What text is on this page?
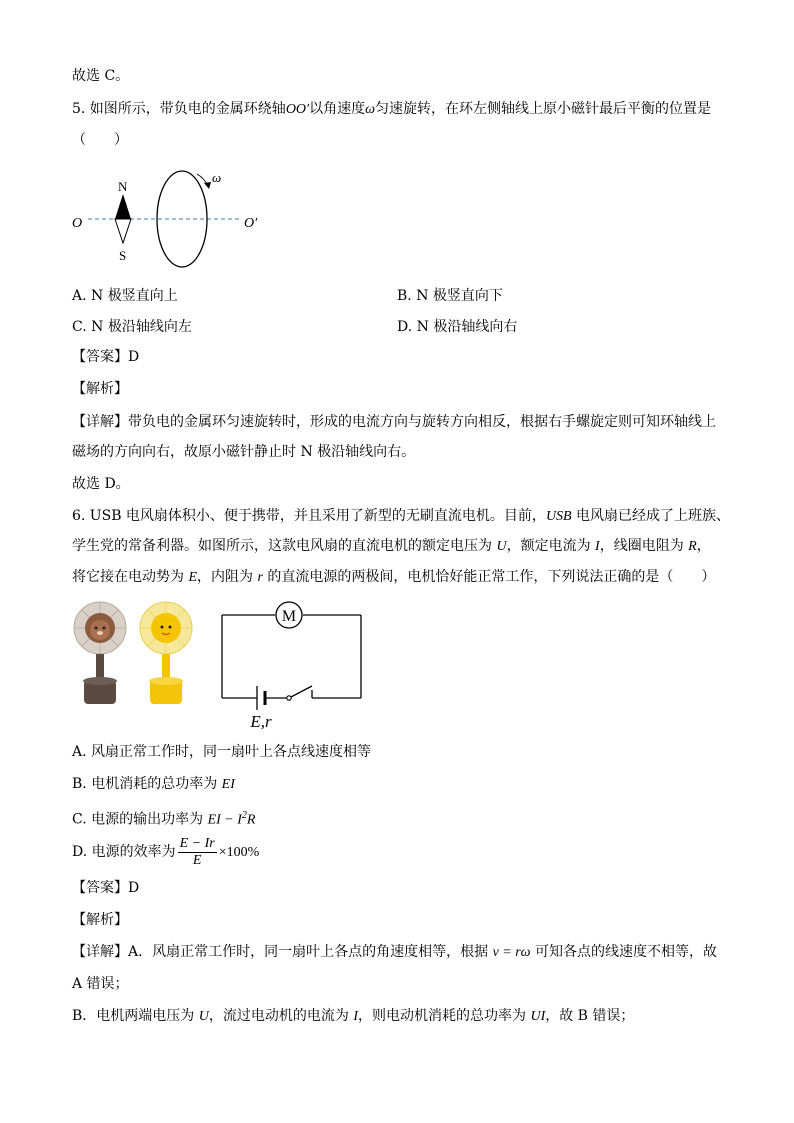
故选 C。
5. 如图所示，带负电的金属环绕轴OO′以角速度ω匀速旋转，在环左侧轴线上原小磁针最后平衡的位置是
（　　）
N
S
O	O′
ω
A. N 极竖直向上	B. N 极竖直向下
C. N 极沿轴线向左	D. N 极沿轴线向右
【答案】D
【解析】
【详解】带负电的金属环匀速旋转时，形成的电流方向与旋转方向相反，根据右手螺旋定则可知环轴线上
磁场的方向向右，故原小磁针静止时 N 极沿轴线向右。
故选 D。
6. USB 电风扇体积小、便于携带，并且采用了新型的无刷直流电机。目前，USB 电风扇已经成了上班族、
学生党的常备利器。如图所示，这款电风扇的直流电机的额定电压为 U，额定电流为 I，线圈电阻为 R，
将它接在电动势为 E，内阻为 r 的直流电源的两极间，电机恰好能正常工作，下列说法正确的是（　　）
M
E,r
A. 风扇正常工作时，同一扇叶上各点线速度相等
B. 电机消耗的总功率为 EI
C. 电源的输出功率为 EI − $I^2R$
D. 电源的效率为 $\frac{E - Ir}{E} \times 100\%$
【答案】D
【解析】
【详解】A．风扇正常工作时，同一扇叶上各点的角速度相等，根据 v = rω 可知各点的线速度不相等，故
A 错误；
B．电机两端电压为 U，流过电动机的电流为 I，则电动机消耗的总功率为 UI，故 B 错误；
